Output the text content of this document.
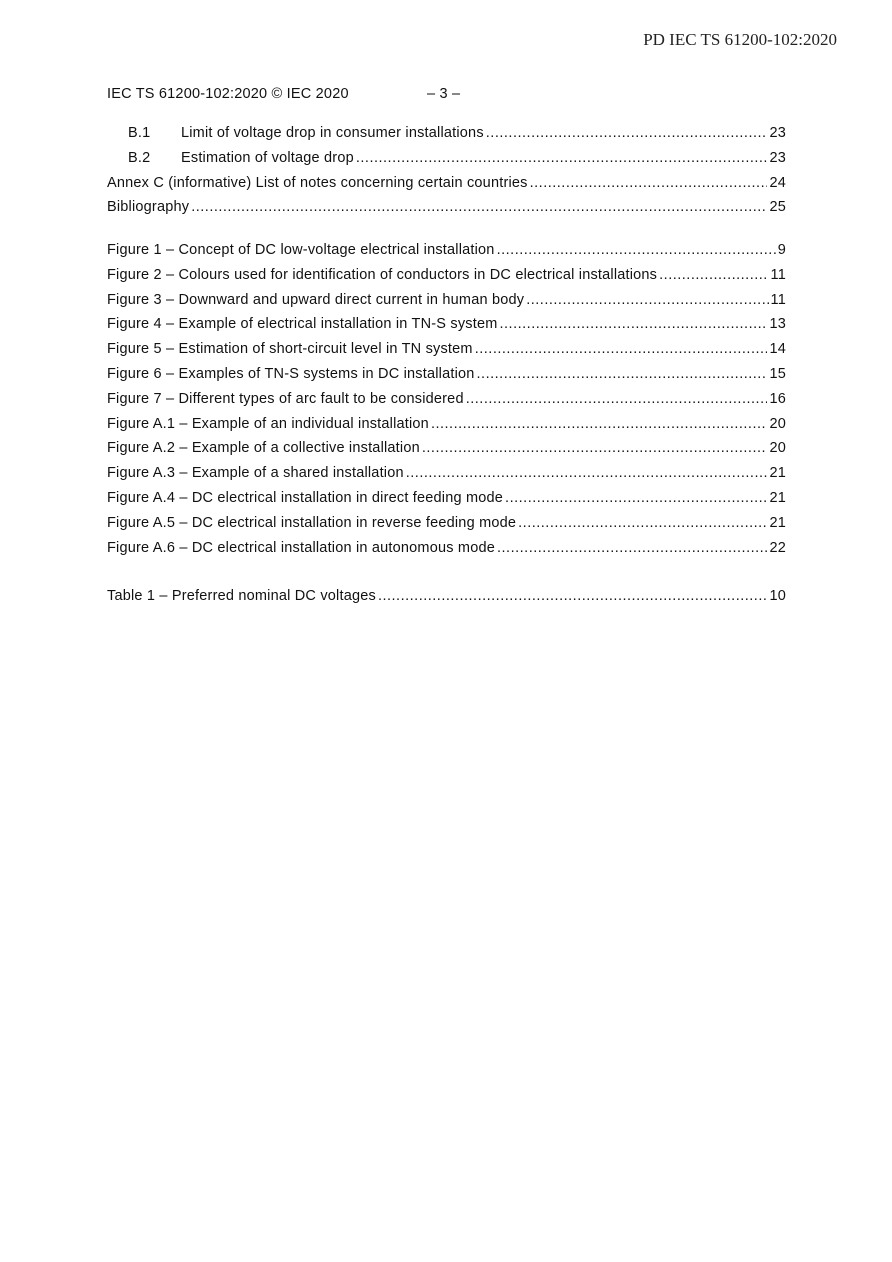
PD IEC TS 61200-102:2020
IEC TS 61200-102:2020 © IEC 2020	– 3 –
B.1	Limit of voltage drop in consumer installations .....	23
B.2	Estimation of voltage drop .....	23
Annex C (informative) List of notes concerning certain countries .....	24
Bibliography .....	25
Figure 1 – Concept of DC low-voltage electrical installation .....	9
Figure 2 – Colours used for identification of conductors in DC electrical installations .....	11
Figure 3 – Downward and upward direct current in human body .....	11
Figure 4 – Example of electrical installation in TN-S system .....	13
Figure 5 – Estimation of short-circuit level in TN system .....	14
Figure 6 – Examples of TN-S systems in DC installation .....	15
Figure 7 – Different types of arc fault to be considered .....	16
Figure A.1 – Example of an individual installation .....	20
Figure A.2 – Example of a collective installation .....	20
Figure A.3 – Example of a shared installation .....	21
Figure A.4 – DC electrical installation in direct feeding mode .....	21
Figure A.5 – DC electrical installation in reverse feeding mode .....	21
Figure A.6 – DC electrical installation in autonomous mode .....	22
Table 1 – Preferred nominal DC voltages .....	10
